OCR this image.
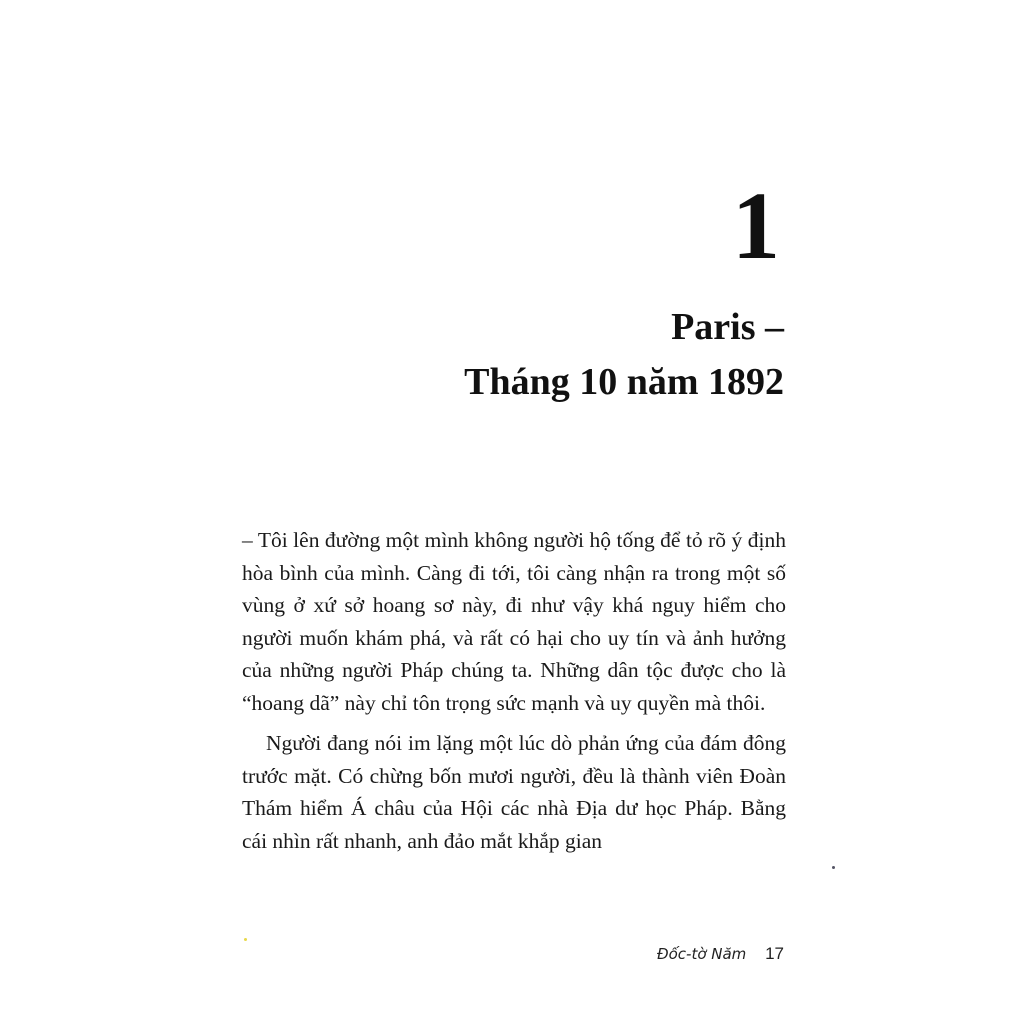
1
Paris –
Tháng 10 năm 1892

– Tôi lên đường một mình không người hộ tống để tỏ rõ ý định hòa bình của mình. Càng đi tới, tôi càng nhận ra trong một số vùng ở xứ sở hoang sơ này, đi như vậy khá nguy hiểm cho người muốn khám phá, và rất có hại cho uy tín và ảnh hưởng của những người Pháp chúng ta. Những dân tộc được cho là “hoang dã” này chỉ tôn trọng sức mạnh và uy quyền mà thôi.

Người đang nói im lặng một lúc dò phản ứng của đám đông trước mặt. Có chừng bốn mươi người, đều là thành viên Đoàn Thám hiểm Á châu của Hội các nhà Địa dư học Pháp. Bằng cái nhìn rất nhanh, anh đảo mắt khắp gian

Đốc-tờ Năm 17
